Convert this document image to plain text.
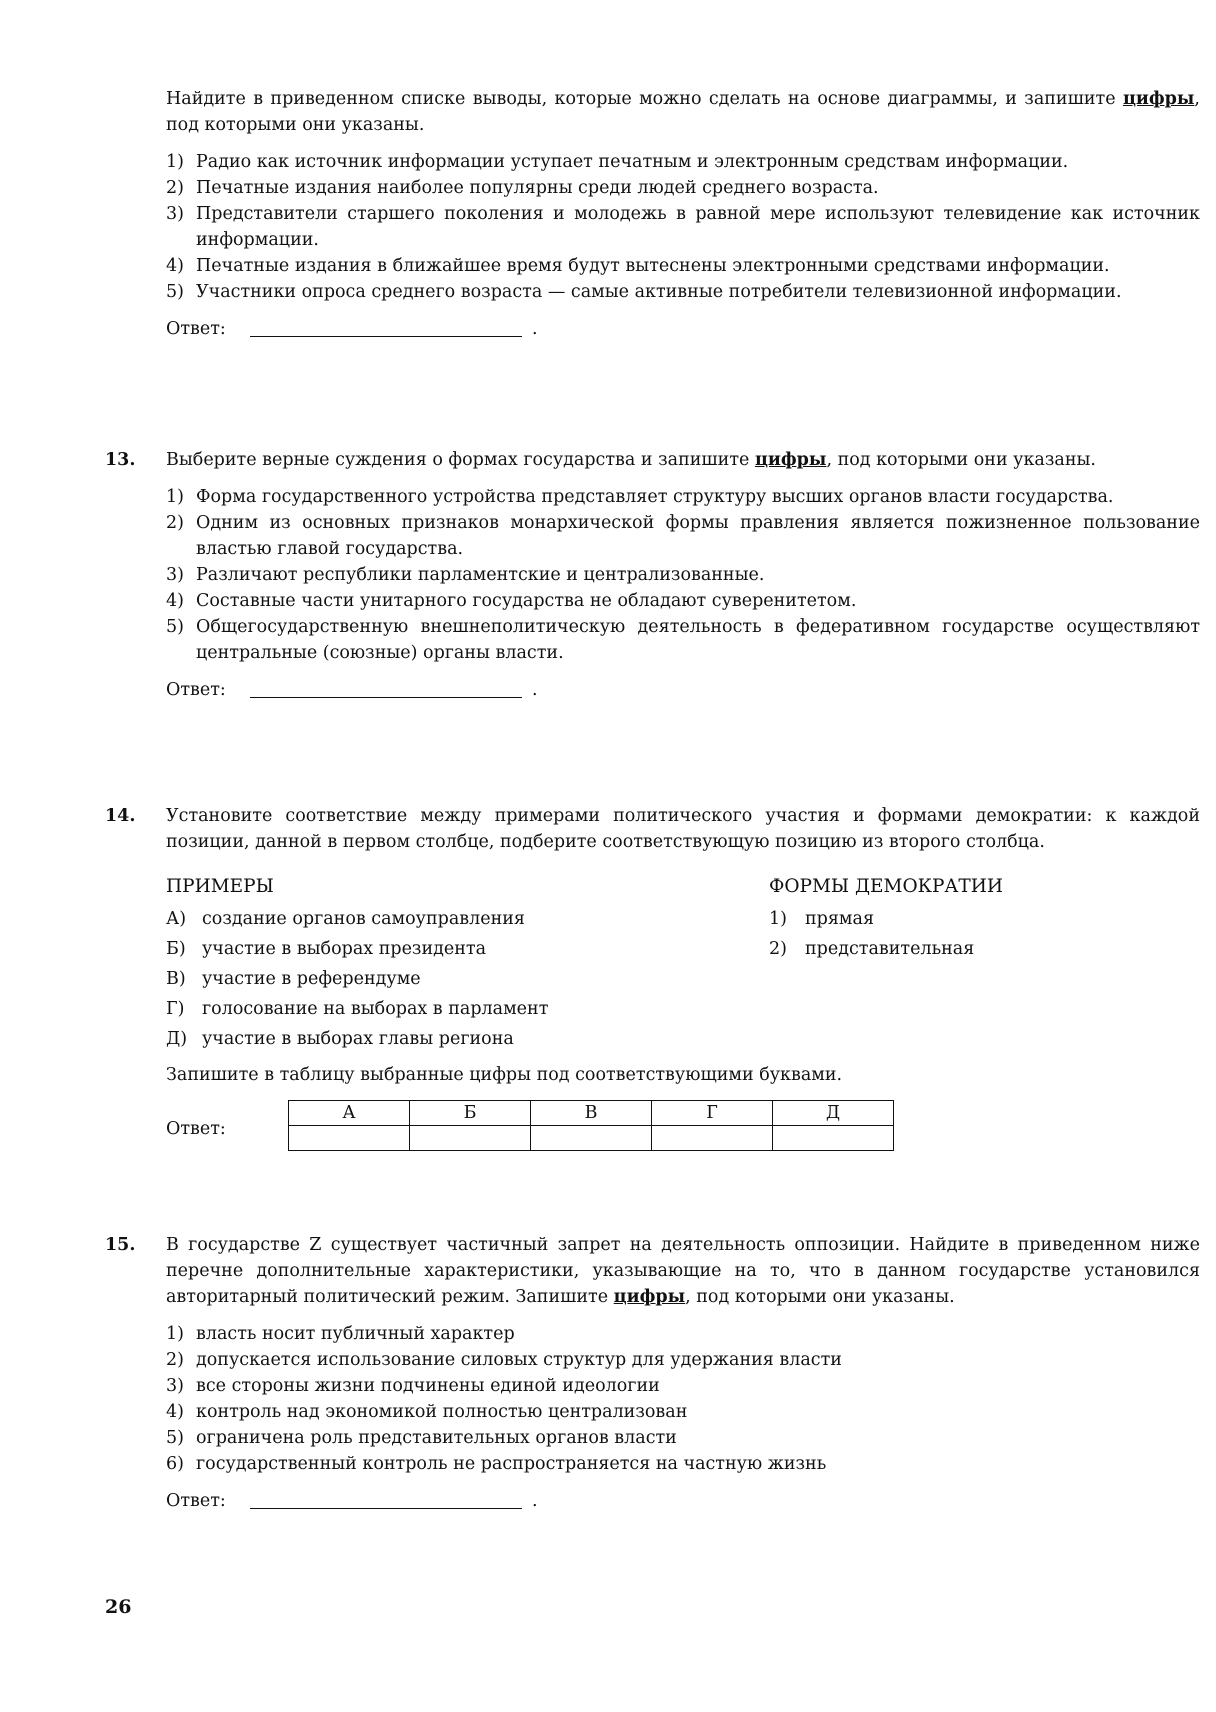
Найдите в приведенном списке выводы, которые можно сделать на основе диаграммы, и запишите цифры, под которыми они указаны.

1) Радио как источник информации уступает печатным и электронным средствам информации.
2) Печатные издания наиболее популярны среди людей среднего возраста.
3) Представители старшего поколения и молодежь в равной мере используют телевидение как источник информации.
4) Печатные издания в ближайшее время будут вытеснены электронными средствами информации.
5) Участники опроса среднего возраста — самые активные потребители телевизионной информации.
Ответ:	.
13. Выберите верные суждения о формах государства и запишите цифры, под которыми они указаны.

1) Форма государственного устройства представляет структуру высших органов власти государства.
2) Одним из основных признаков монархической формы правления является пожизненное пользование властью главой государства.
3) Различают республики парламентские и централизованные.
4) Составные части унитарного государства не обладают суверенитетом.
5) Общегосударственную внешнеполитическую деятельность в федеративном государстве осуществляют центральные (союзные) органы власти.
Ответ:	.
14. Установите соответствие между примерами политического участия и формами демократии: к каждой позиции, данной в первом столбце, подберите соответствующую позицию из второго столбца.

ПРИМЕРЫ
А) создание органов самоуправления
Б) участие в выборах президента
В) участие в референдуме
Г) голосование на выборах в парламент
Д) участие в выборах главы региона
ФОРМЫ ДЕМОКРАТИИ
1) прямая
2) представительная

Запишите в таблицу выбранные цифры под соответствующими буквами.

Ответ:
А	Б	В	Г	Д

15. В государстве Z существует частичный запрет на деятельность оппозиции. Найдите в приведенном ниже перечне дополнительные характеристики, указывающие на то, что в данном государстве установился авторитарный политический режим. Запишите цифры, под которыми они указаны.

1) власть носит публичный характер
2) допускается использование силовых структур для удержания власти
3) все стороны жизни подчинены единой идеологии
4) контроль над экономикой полностью централизован
5) ограничена роль представительных органов власти
6) государственный контроль не распространяется на частную жизнь
Ответ:	.
26
